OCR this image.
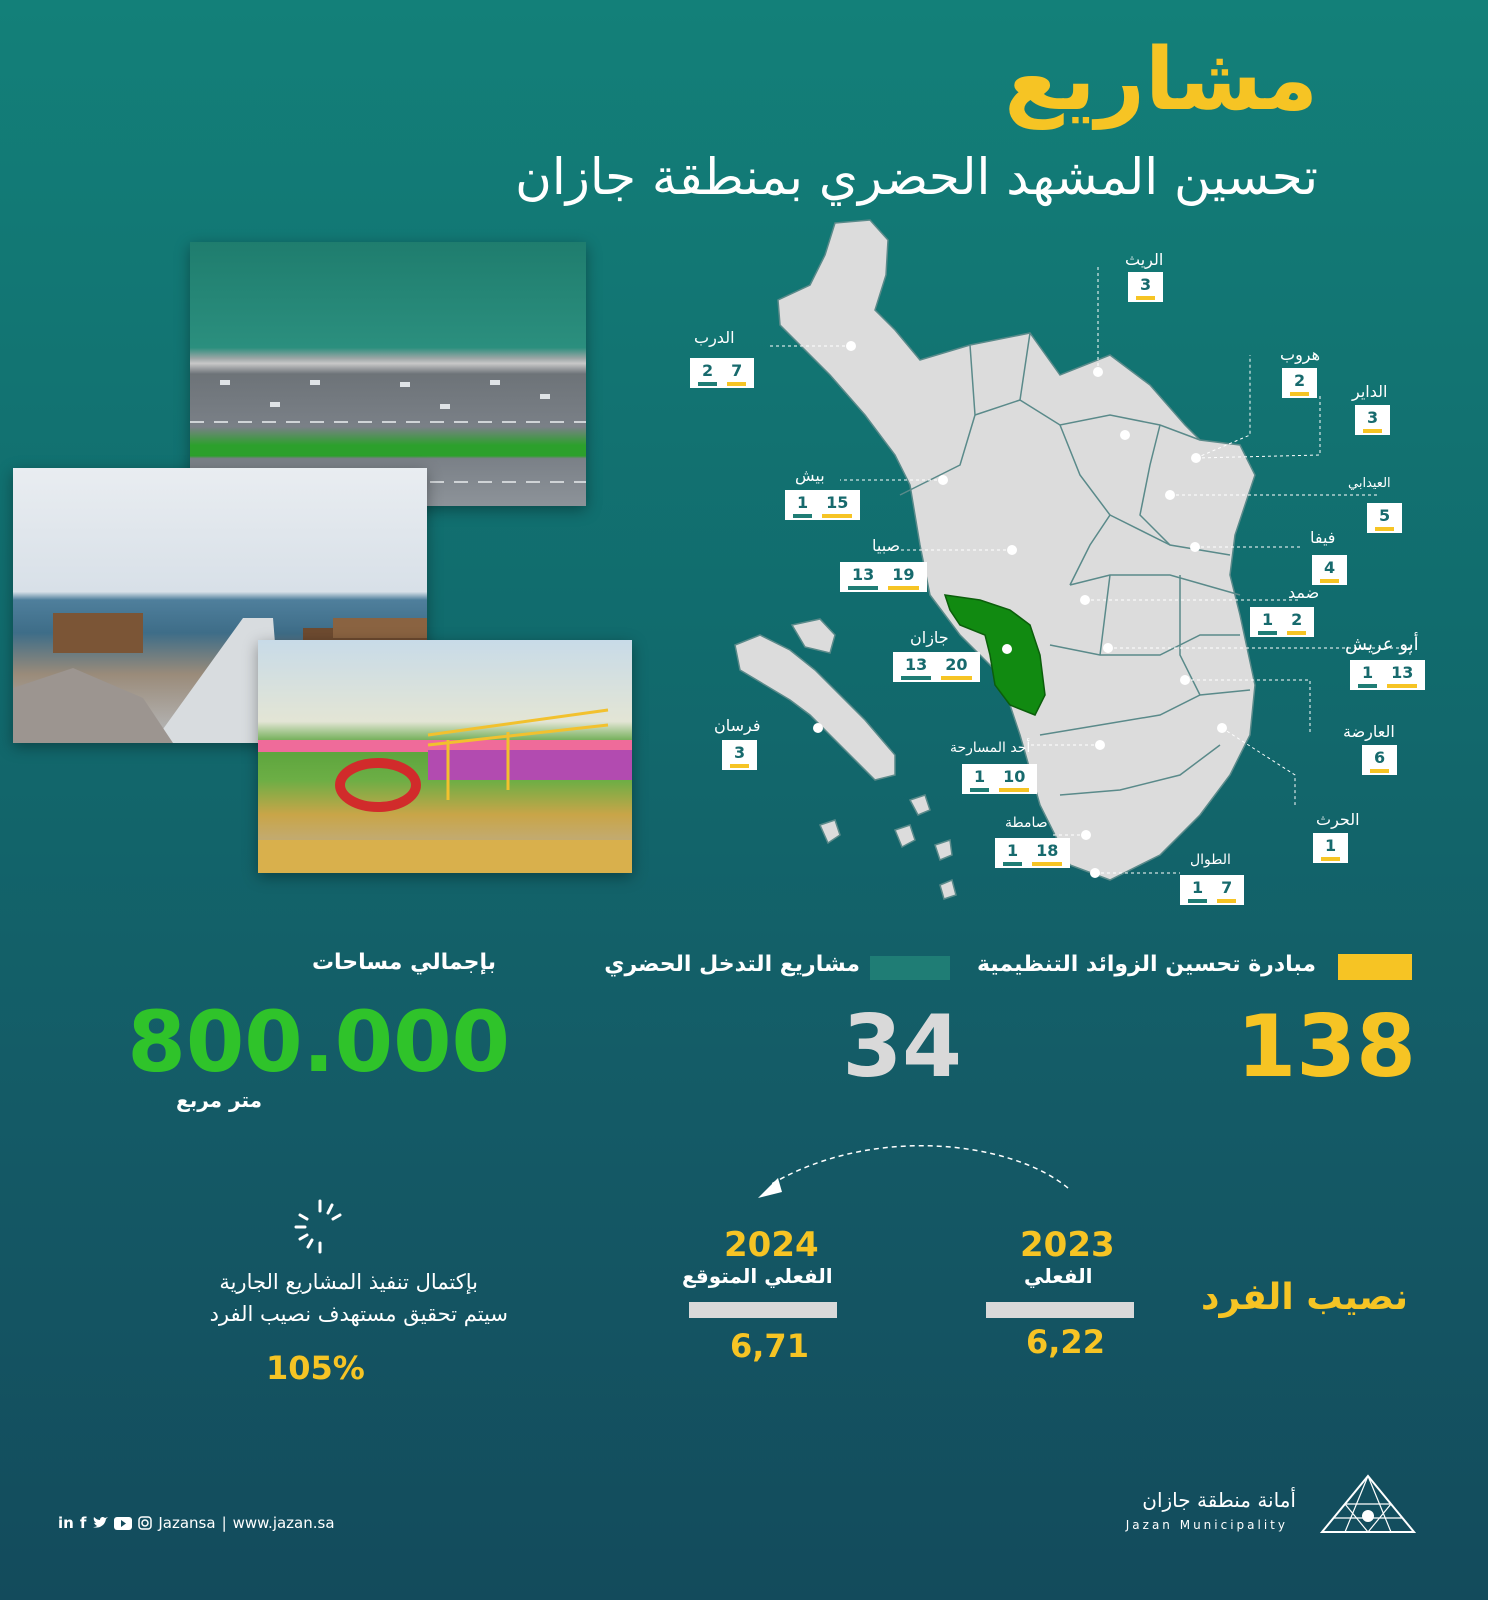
مشاريع
تحسين المشهد الحضري بمنطقة جازان
الريث
3
الدرب
2 7
هروب
2
الداير
3
العيدابي
5
بيش
1 15
فيفا
4
صبيا
13 19
ضمد
1 2
جازان
13 20
أبو عريش
1 13
فرسان
3
العارضة
6
أحد المسارحة
1 10
الحرث
1
صامطة
1 18	الطوال
1 7
مبادرة تحسين الزوائد التنظيمية
مشاريع التدخل الحضري
138
34
بإجمالي مساحات
800.000
متر مربع
نصيب الفرد
2023
الفعلي
6,22
2024
الفعلي المتوقع
6,71
بإكتمال تنفيذ المشاريع الجارية
سيتم تحقيق مستهدف نصيب الفرد
105%
in f	Jazansa | www.jazan.sa
أمانة منطقة جازان
Jazan Municipality
